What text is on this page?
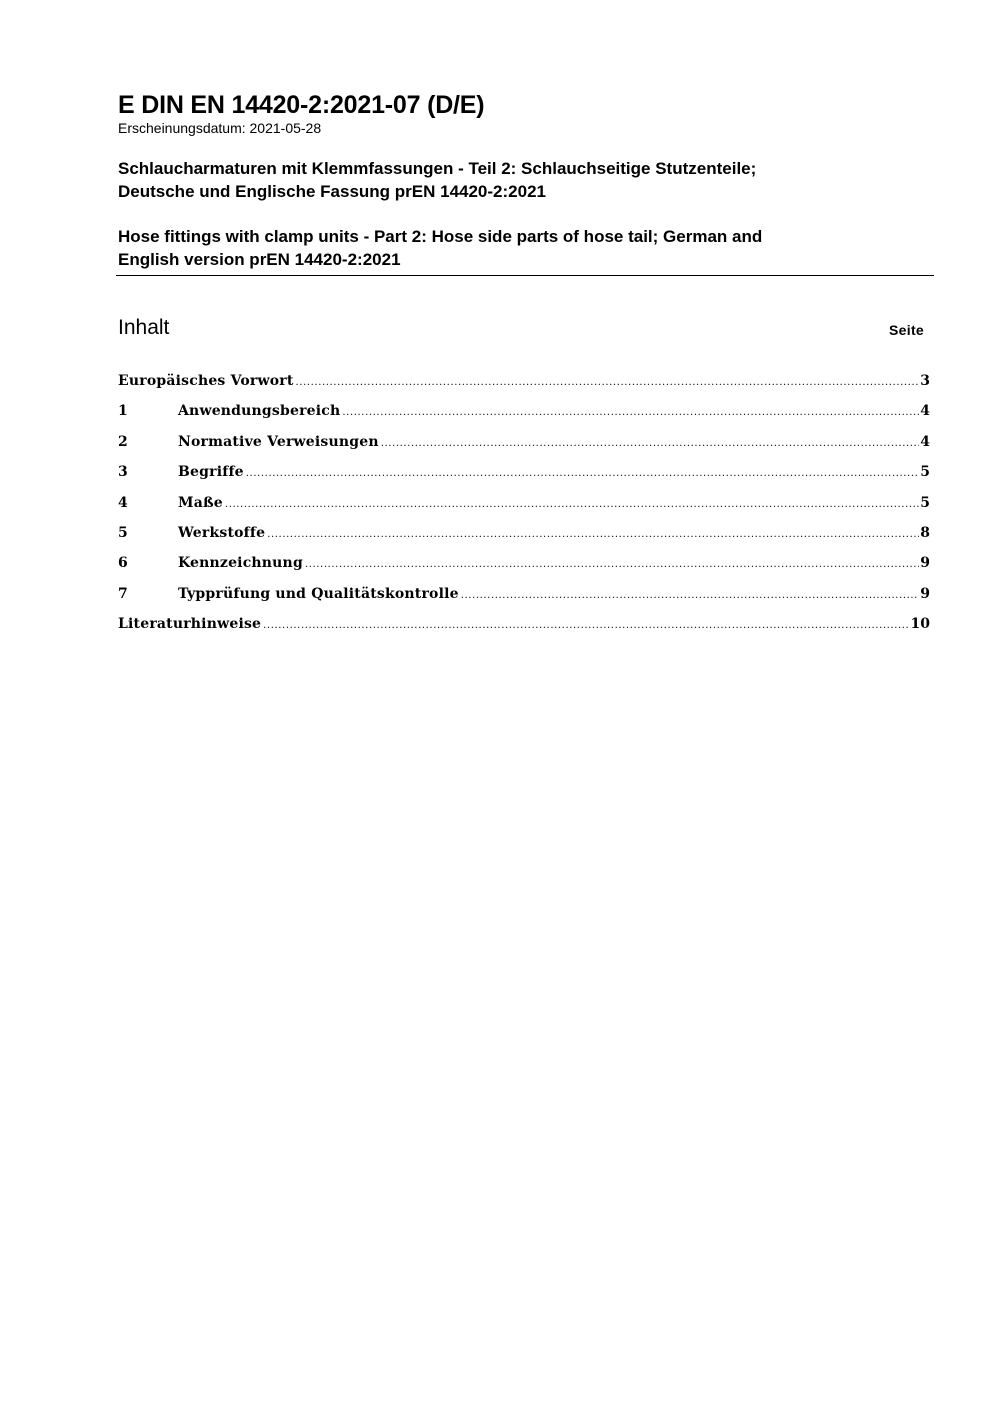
E DIN EN 14420-2:2021-07 (D/E)
Erscheinungsdatum: 2021-05-28
Schlaucharmaturen mit Klemmfassungen - Teil 2: Schlauchseitige Stutzenteile;
Deutsche und Englische Fassung prEN 14420-2:2021
Hose fittings with clamp units - Part 2: Hose side parts of hose tail; German and
English version prEN 14420-2:2021
Inhalt	Seite
Europäisches Vorwort .....	3
1	Anwendungsbereich .....	4
2	Normative Verweisungen .....	4
3	Begriffe .....	5
4	Maße .....	5
5	Werkstoffe .....	8
6	Kennzeichnung .....	9
7	Typprüfung und Qualitätskontrolle .....	9
Literaturhinweise .....	10
